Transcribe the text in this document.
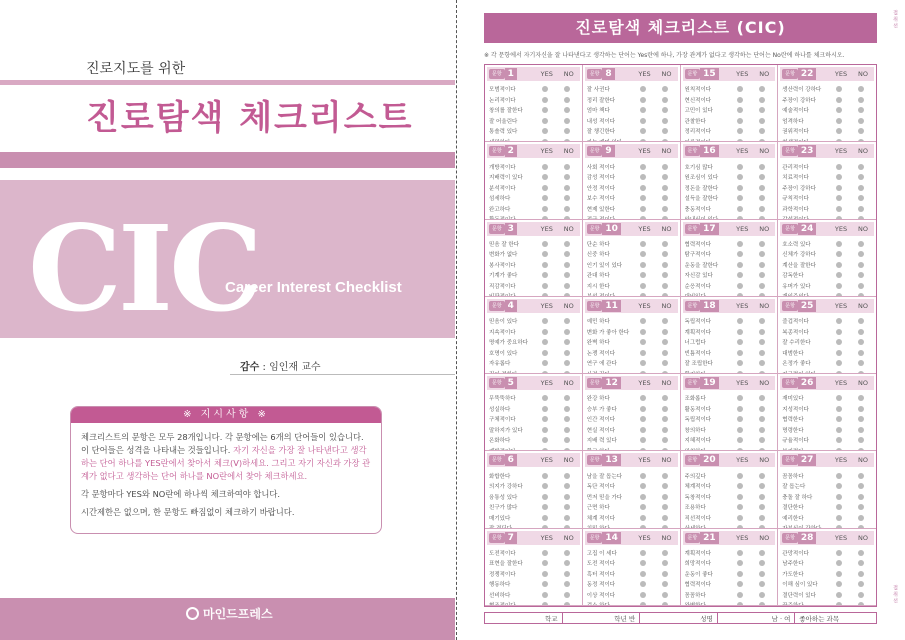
진로지도를 위한
진로탐색 체크리스트
CIC
Career Interest Checklist
감수 : 임인재 교수
※ 지시사항 ※

체크리스트의 문항은 모두 28개입니다. 각 문항에는 6개의 단어들이 있습니다. 이 단어들은 성격을 나타내는 것들입니다. 자기 자신을 가장 잘 나타낸다고 생각하는 단어 하나를 YES란에서 찾아서 체크(V)하세요. 그리고 자기 자신과 가장 관계가 없다고 생각하는 단어 하나를 NO란에서 찾아 체크하세요.

각 문항마다 YES와 NO란에 하나씩 체크하여야 합니다.

시간제한은 없으며, 한 문항도 빠짐없이 체크하기 바랍니다.

마인드프레스
진로탐색 체크리스트 (CIC)
※ 각 문항에서 자기자신을 잘 나타낸다고 생각하는 단어는 Yes란에 하나, 가장 관계가 없다고 생각하는 단어는 No란에 하나를 체크하시오.
문항 1	YES	NO
모범적이다
논리적이다
창의를 잘한다
잘 어울린다
통솔력 있다
문항 8	YES	NO
잘 사귄다
정리 잘한다
엄마 책다
내성 적이다
잘 챙긴한다
문항 15	YES	NO
원칙적이다
현신적이다
고민이 있다
관찰한다
정리적이다
문항 22	YES	NO
생산력이 강하다
주장이 강하다
예술적이다
엄격하다
권위적이다
문항 2	YES	NO
개방적이다
지배력이 있다
분석적이다
섬세하다
완고하다
문항 9	YES	NO
사회 적이다
감성 적이다
안정 적이다
보수 적이다
현제 있한다
문항 16	YES	NO
호기심 많다
원조심이 있다
정돈을 잘한다
설득을 잘한다
충동적이다
문항 23	YES	NO
관리적이다
치료적이다
주장이 강하다
규칙적이다
과학적이다
문항 3	YES	NO
믿음 잘 한다
변화가 없다
봉사적이다
기계가 좋다
직감적이다
문항 10	YES	NO
단순 하다
신중 하다
인기 있이 있다
관대 하다
지시 한다
문항 17	YES	NO
협력적이다
탐구적이다
운동을 잘한다
자신감 있다
순응적이다
문항 24	YES	NO
호소력 있다
신체가 강하다
계산을 잘한다
감독한다
유머가 있다
문항 4	YES	NO
믿음이 있다
지속적이다
명예가 중요하다
호명이 있다
자유롭다
문항 11	YES	NO
예민 하다
변화 가 좋아 한다
완벽 하다
논쟁 적이다
연구 에 관다
문항 18	YES	NO
독립적이다
계획적이다
너그럽다
빈틈적이다
잘 조립한다
문항 25	YES	NO
즐겁적이다
복종적이다
잘 수리한다
대범한다
온정가 좋다
문항 5	YES	NO
무뚝뚝하다
성실하다
구체적이다
말하지가 있다
온화하다
문항 12	YES	NO
완강 하다
승부 가 좋다
인간 적이다
현실 적이다
지배 력 있다
문항 19	YES	NO
조화롭다
활동적이다
독립적이다
창의하다
지혜적이다
문항 26	YES	NO
재미있다
지성적이다
협력한다
명령한다
규율적이다
문항 6	YES	NO
화합한다
의지가 강하다
융통성 있다
친구가 많다
매기있다
문항 13	YES	NO
남을 잘 돕는다
독단 적이다
먼저 믿을 가다
근면 하다
체계 적이다
문항 20	YES	NO
주의깊다
체계적이다
독창적이다
조용하다
직선적이다
문항 27	YES	NO
꼼꼼하다
잘 돕는다
충돌 잘 하다
결단한다
예리한다
문항 7	YES	NO
도전적이다
표현을 잘한다
정쟁적이다
행동하다
선비하다
문항 14	YES	NO
고집 이 세다
도전 적이다
흑터 적이다
동정 적이다
이상 적이다
문항 21	YES	NO
계획적이다
희망적이다
운동이 좋다
협력적이다
꼼꼼하다
문항 28	YES	NO
관망적이다
남주한다
가도한다
이해 심이 있다
결단력이 있다
학교	학년 반	성명	남 · 여	좋아하는 과목
절 취 선
절 취 선
